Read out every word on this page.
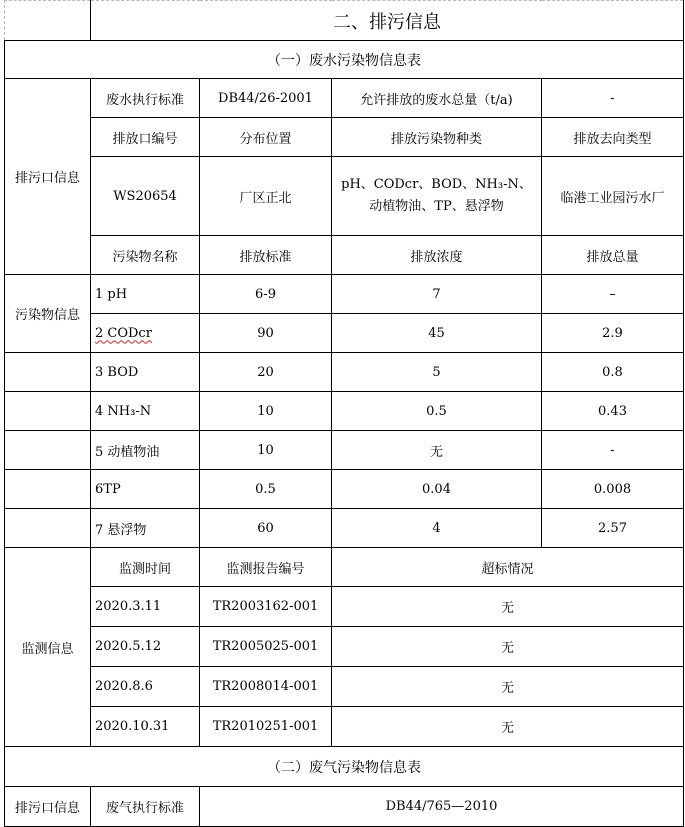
	二、排污信息			
（一）废水污染物信息表				
排污口信息	废水执行标准	DB44/26-2001	允许排放的废水总量（t/a)	-
	排放口编号	分布位置	排放污染物种类	排放去向类型
	WS20654	厂区正北	pH、CODcr、BOD、NH₃-N、 动植物油、TP、悬浮物	临港工业园污水厂
	污染物名称	排放标准	排放浓度	排放总量
污染物信息	1 pH	6-9	7	–
	2 CODcr	90	45	2.9
	3 BOD	20	5	0.8
	4 NH₃-N	10	0.5	0.43
	5 动植物油	10	无	-
	6TP	0.5	0.04	0.008
	7 悬浮物	60	4	2.57
监测信息	监测时间	监测报告编号	超标情况	
	2020.3.11	TR2003162-001	无	
	2020.5.12	TR2005025-001	无	
	2020.8.6	TR2008014-001	无	
	2020.10.31	TR2010251-001	无	
（二）废气污染物信息表				
排污口信息	废气执行标准	DB44/765—2010		
